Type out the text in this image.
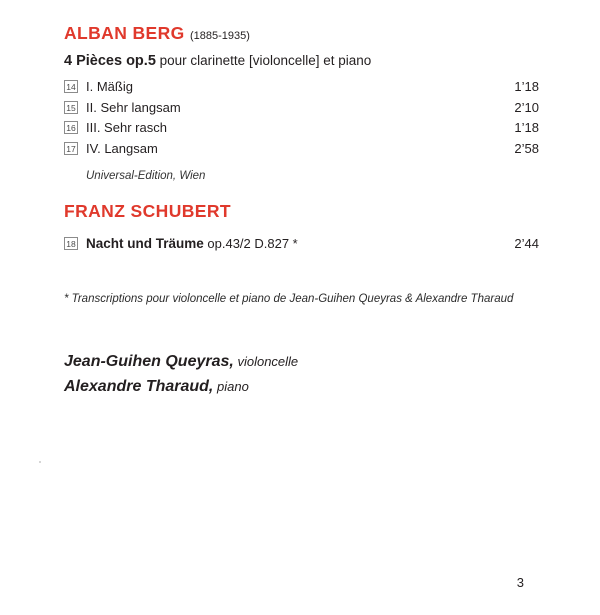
ALBAN BERG (1885-1935)
4 Pièces op.5 pour clarinette [violoncelle] et piano
14 I. Mäßig	1’18
15 II. Sehr langsam	2’10
16 III. Sehr rasch	1’18
17 IV. Langsam	2’58
Universal-Edition, Wien
FRANZ SCHUBERT
18 Nacht und Träume op.43/2 D.827 *	2’44
* Transcriptions pour violoncelle et piano de Jean-Guihen Queyras & Alexandre Tharaud
Jean-Guihen Queyras, violoncelle
Alexandre Tharaud, piano
3
